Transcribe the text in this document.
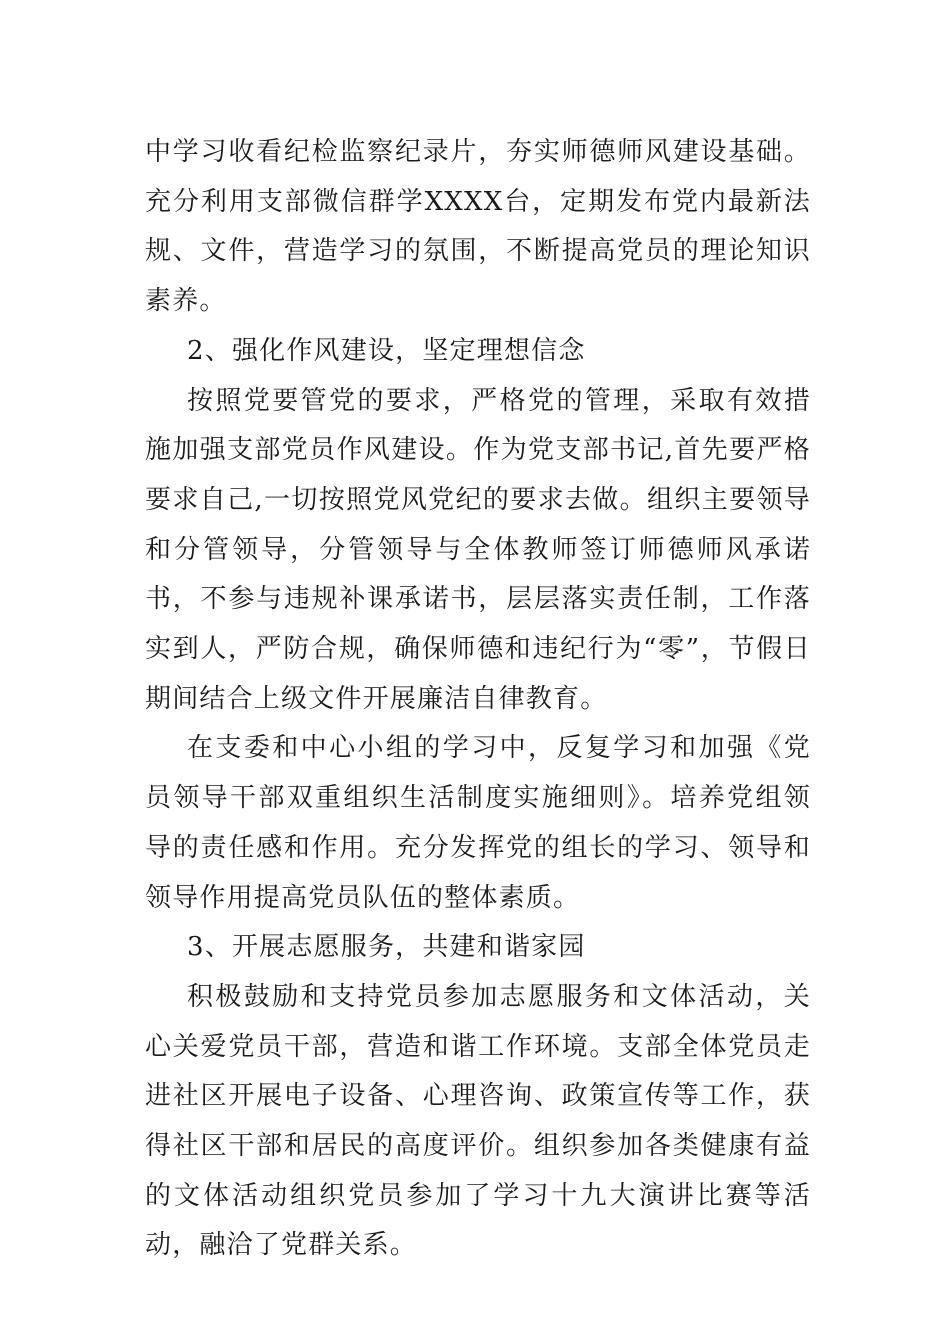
中学习收看纪检监察纪录片，夯实师德师风建设基础。充分利用支部微信群学XXXX台，定期发布党内最新法规、文件，营造学习的氛围，不断提高党员的理论知识素养。

2、强化作风建设，坚定理想信念

按照党要管党的要求，严格党的管理，采取有效措施加强支部党员作风建设。作为党支部书记,首先要严格要求自己,一切按照党风党纪的要求去做。组织主要领导和分管领导，分管领导与全体教师签订师德师风承诺书，不参与违规补课承诺书，层层落实责任制，工作落实到人，严防合规，确保师德和违纪行为“零”，节假日期间结合上级文件开展廉洁自律教育。

在支委和中心小组的学习中，反复学习和加强《党员领导干部双重组织生活制度实施细则》。培养党组领导的责任感和作用。充分发挥党的组长的学习、领导和领导作用提高党员队伍的整体素质。

3、开展志愿服务，共建和谐家园

积极鼓励和支持党员参加志愿服务和文体活动，关心关爱党员干部，营造和谐工作环境。支部全体党员走进社区开展电子设备、心理咨询、政策宣传等工作，获得社区干部和居民的高度评价。组织参加各类健康有益的文体活动组织党员参加了学习十九大演讲比赛等活动，融洽了党群关系。
